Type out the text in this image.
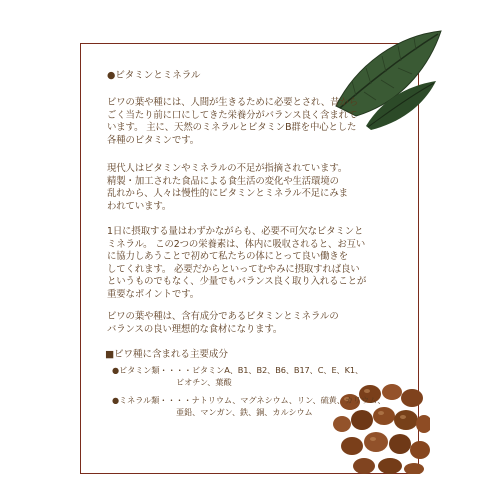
●ビタミンとミネラル
ビワの葉や種には、人間が生きるために必要とされ、昔から
ごく当たり前に口にしてきた栄養分がバランス良く含まれて
います。 主に、天然のミネラルとビタミンB群を中心とした
各種のビタミンです。
現代人はビタミンやミネラルの不足が指摘されています。
精製・加工された食品による食生活の変化や生活環境の
乱れから、人々は慢性的にビタミンとミネラル不足にみま
われています。
1日に摂取する量はわずかながらも、必要不可欠なビタミンと
ミネラル。 この2つの栄養素は、体内に吸収されると、お互い
に協力しあうことで初めて私たちの体にとって良い働きを
してくれます。 必要だからといってむやみに摂取すれば良い
というものでもなく、少量でもバランス良く取り入れることが
重要なポイントです。
ビワの葉や種は、含有成分であるビタミンとミネラルの
バランスの良い理想的な食材になります。
■ビワ種に含まれる主要成分
●ビタミン類・・・・ビタミンA、B1、B2、B6、B17、C、E、K1、
ビオチン、葉酸
●ミネラル類・・・・ナトリウム、マグネシウム、リン、硫黄、カリウム、
亜鉛、マンガン、鉄、銅、カルシウム
